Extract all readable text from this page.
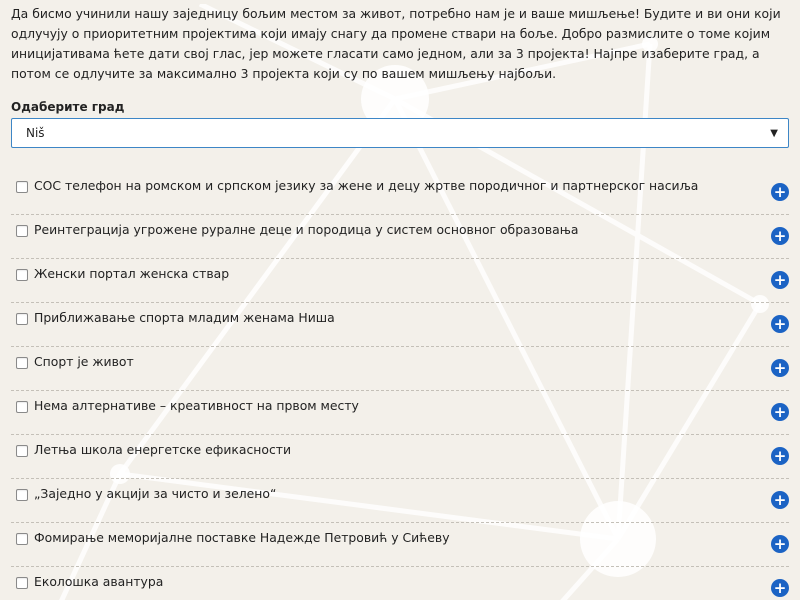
Да бисмо учинили нашу заједницу бољим местом за живот, потребно нам је и ваше мишљење! Будите и ви они који одлучују о приоритетним пројектима који имају снагу да промене ствари на боље. Добро размислите о томе којим иницијативама ћете дати свој глас, јер можете гласати само једном, али за 3 пројекта! Најпре изаберите град, а потом се одлучите за максимално 3 пројекта који су по вашем мишљењу најбољи.

Одаберите град
Niš	▼
СОС телефон на ромском и српском језику за жене и децу жртве породичног и партнерског насиља	+
Реинтеграција угрожене руралне деце и породица у систем основног образовања	+
Женски портал женска ствар	+
Приближавање спорта младим женама Ниша	+
Спорт је живот	+
Нема алтернативе – креативност на првом месту	+
Летња школа енергетске ефикасности	+
„Заједно у акцији за чисто и зелено“	+
Фомирање меморијалне поставке Надежде Петровић у Сићеву	+
Еколошка авантура	+
